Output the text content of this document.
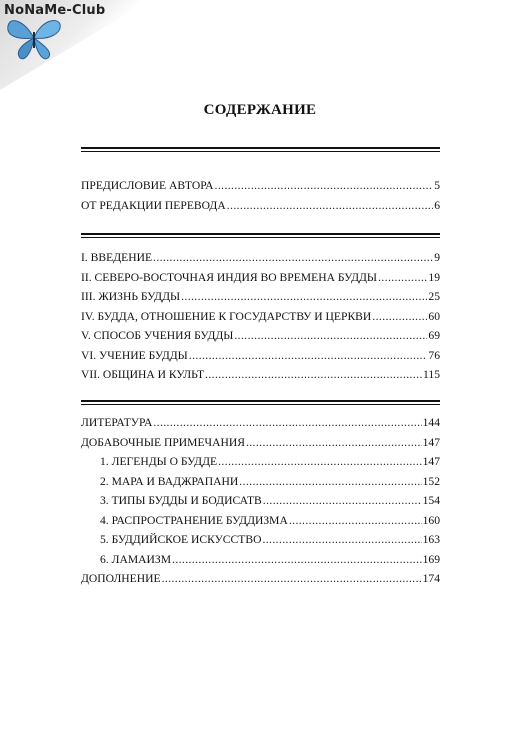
NoNaMe-Club
СОДЕРЖАНИЕ
ПРЕДИСЛОВИЕ АВТОРА .....	5
ОТ РЕДАКЦИИ ПЕРЕВОДА .....	6
I. ВВЕДЕНИЕ .....	9
II. СЕВЕРО-ВОСТОЧНАЯ ИНДИЯ ВО ВРЕМЕНА БУДДЫ .....	19
III. ЖИЗНЬ БУДДЫ .....	25
IV. БУДДА, ОТНОШЕНИЕ К ГОСУДАРСТВУ И ЦЕРКВИ .....	60
V. СПОСОБ УЧЕНИЯ БУДДЫ .....	69
VI. УЧЕНИЕ БУДДЫ .....	76
VII. ОБЩИНА И КУЛЬТ .....	115
ЛИТЕРАТУРА .....	144
ДОБАВОЧНЫЕ ПРИМЕЧАНИЯ .....	147
1. ЛЕГЕНДЫ О БУДДЕ .....	147
2. МАРА И ВАДЖРАПАНИ .....	152
3. ТИПЫ БУДДЫ И БОДИСАТВ .....	154
4. РАСПРОСТРАНЕНИЕ БУДДИЗМА .....	160
5. БУДДИЙСКОЕ ИСКУССТВО .....	163
6. ЛАМАИЗМ .....	169
ДОПОЛНЕНИЕ .....	174
